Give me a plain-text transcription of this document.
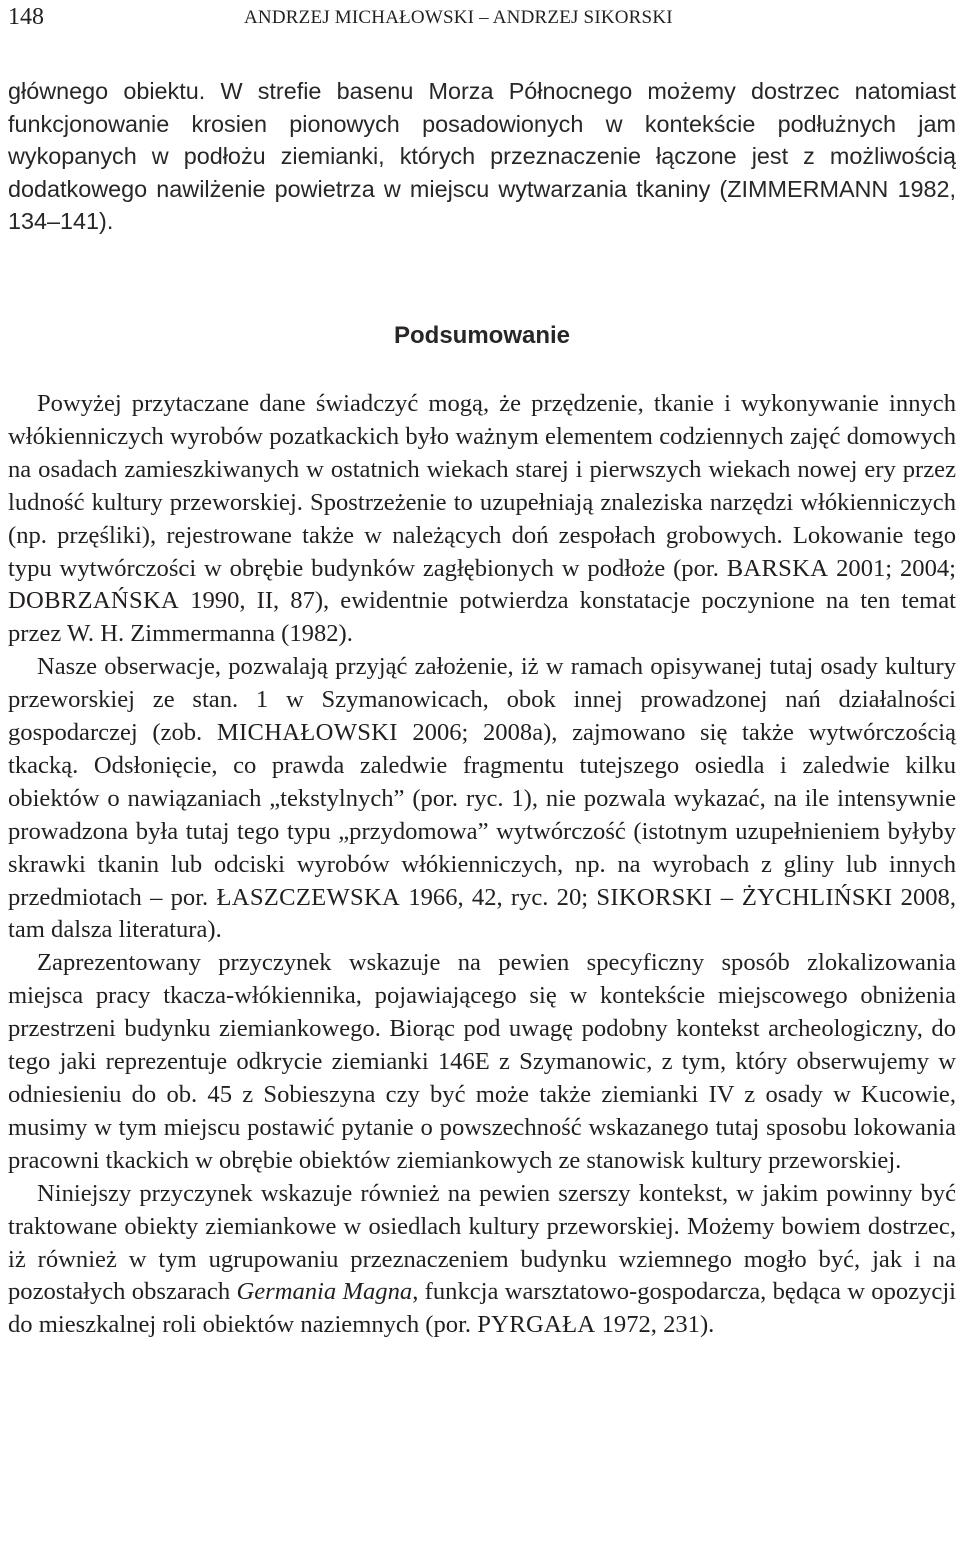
148	ANDRZEJ MICHAŁOWSKI – ANDRZEJ SIKORSKI

głównego obiektu. W strefie basenu Morza Północnego możemy dostrzec natomiast funkcjonowanie krosien pionowych posadowionych w kontekście podłużnych jam wykopanych w podłożu ziemianki, których przeznaczenie łączone jest z możliwością dodatkowego nawilżenie powietrza w miejscu wytwarzania tkaniny (ZIMMERMANN 1982, 134–141).

Podsumowanie

Powyżej przytaczane dane świadczyć mogą, że przędzenie, tkanie i wykonywanie innych włókienniczych wyrobów pozatkackich było ważnym elementem codziennych zajęć domowych na osadach zamieszkiwanych w ostatnich wiekach starej i pierwszych wiekach nowej ery przez ludność kultury przeworskiej. Spostrzeżenie to uzupełniają znaleziska narzędzi włókienniczych (np. przęśliki), rejestrowane także w należących doń zespołach grobowych. Lokowanie tego typu wytwórczości w obrębie budynków zagłębionych w podłoże (por. BARSKA 2001; 2004; DOBRZAŃSKA 1990, II, 87), ewidentnie potwierdza konstatacje poczynione na ten temat przez W. H. Zimmermanna (1982).

Nasze obserwacje, pozwalają przyjąć założenie, iż w ramach opisywanej tutaj osady kultury przeworskiej ze stan. 1 w Szymanowicach, obok innej prowadzonej nań działalności gospodarczej (zob. MICHAŁOWSKI 2006; 2008a), zajmowano się także wytwórczością tkacką. Odsłonięcie, co prawda zaledwie fragmentu tutejszego osiedla i zaledwie kilku obiektów o nawiązaniach „tekstylnych” (por. ryc. 1), nie pozwala wykazać, na ile intensywnie prowadzona była tutaj tego typu „przydomowa” wytwórczość (istotnym uzupełnieniem byłyby skrawki tkanin lub odciski wyrobów włókienniczych, np. na wyrobach z gliny lub innych przedmiotach – por. ŁASZCZEWSKA 1966, 42, ryc. 20; SIKORSKI – ŻYCHLIŃSKI 2008, tam dalsza literatura).

Zaprezentowany przyczynek wskazuje na pewien specyficzny sposób zlokalizowania miejsca pracy tkacza-włókiennika, pojawiającego się w kontekście miejscowego obniżenia przestrzeni budynku ziemiankowego. Biorąc pod uwagę podobny kontekst archeologiczny, do tego jaki reprezentuje odkrycie ziemianki 146E z Szymanowic, z tym, który obserwujemy w odniesieniu do ob. 45 z Sobieszyna czy być może także ziemianki IV z osady w Kucowie, musimy w tym miejscu postawić pytanie o powszechność wskazanego tutaj sposobu lokowania pracowni tkackich w obrębie obiektów ziemiankowych ze stanowisk kultury przeworskiej.

Niniejszy przyczynek wskazuje również na pewien szerszy kontekst, w jakim powinny być traktowane obiekty ziemiankowe w osiedlach kultury przeworskiej. Możemy bowiem dostrzec, iż również w tym ugrupowaniu przeznaczeniem budynku wziemnego mogło być, jak i na pozostałych obszarach Germania Magna, funkcja warsztatowo-gospodarcza, będąca w opozycji do mieszkalnej roli obiektów naziemnych (por. PYRGAŁA 1972, 231).
